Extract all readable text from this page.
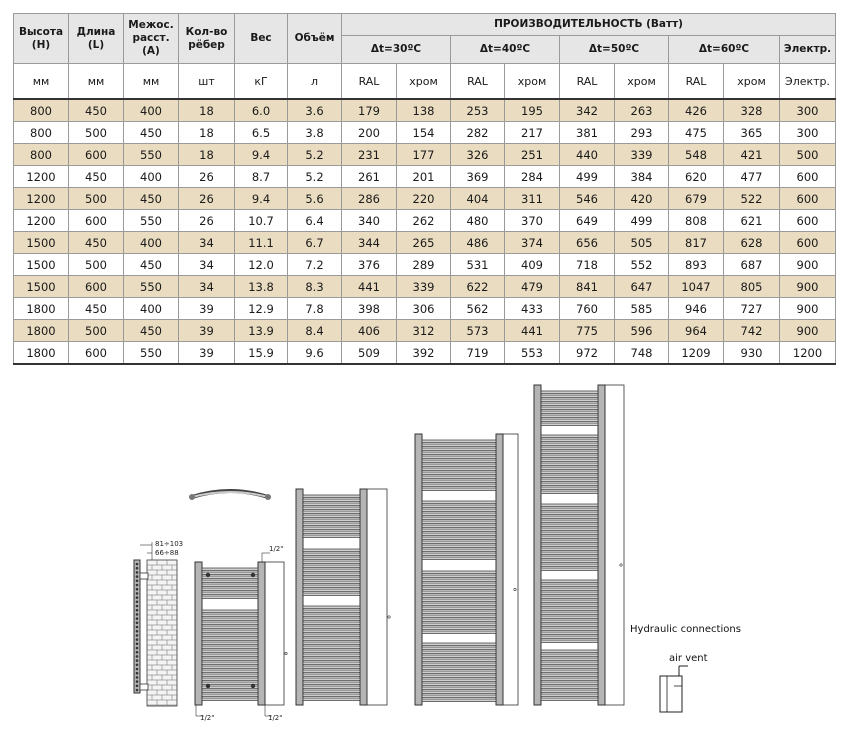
Высота (H)	Длина (L)	Межос. расст. (A)	Кол-во рёбер	Вес	Объём	ПРОИЗВОДИТЕЛЬНОСТЬ (Ватт)								
						Δt=30ºC		Δt=40ºC		Δt=50ºC		Δt=60ºC		Электр.
мм	мм	мм	шт	кГ	л	RAL	хром	RAL	хром	RAL	хром	RAL	хром	Электр.
800	450	400	18	6.0	3.6	179	138	253	195	342	263	426	328	300
800	500	450	18	6.5	3.8	200	154	282	217	381	293	475	365	300
800	600	550	18	9.4	5.2	231	177	326	251	440	339	548	421	500
1200	450	400	26	8.7	5.2	261	201	369	284	499	384	620	477	600
1200	500	450	26	9.4	5.6	286	220	404	311	546	420	679	522	600
1200	600	550	26	10.7	6.4	340	262	480	370	649	499	808	621	600
1500	450	400	34	11.1	6.7	344	265	486	374	656	505	817	628	600
1500	500	450	34	12.0	7.2	376	289	531	409	718	552	893	687	900
1500	600	550	34	13.8	8.3	441	339	622	479	841	647	1047	805	900
1800	450	400	39	12.9	7.8	398	306	562	433	760	585	946	727	900
1800	500	450	39	13.9	8.4	406	312	573	441	775	596	964	742	900
1800	600	550	39	15.9	9.6	509	392	719	553	972	748	1209	930	1200
81÷103
66÷88	1/2"
1/2"	1/2"
Hydraulic connections
air vent
